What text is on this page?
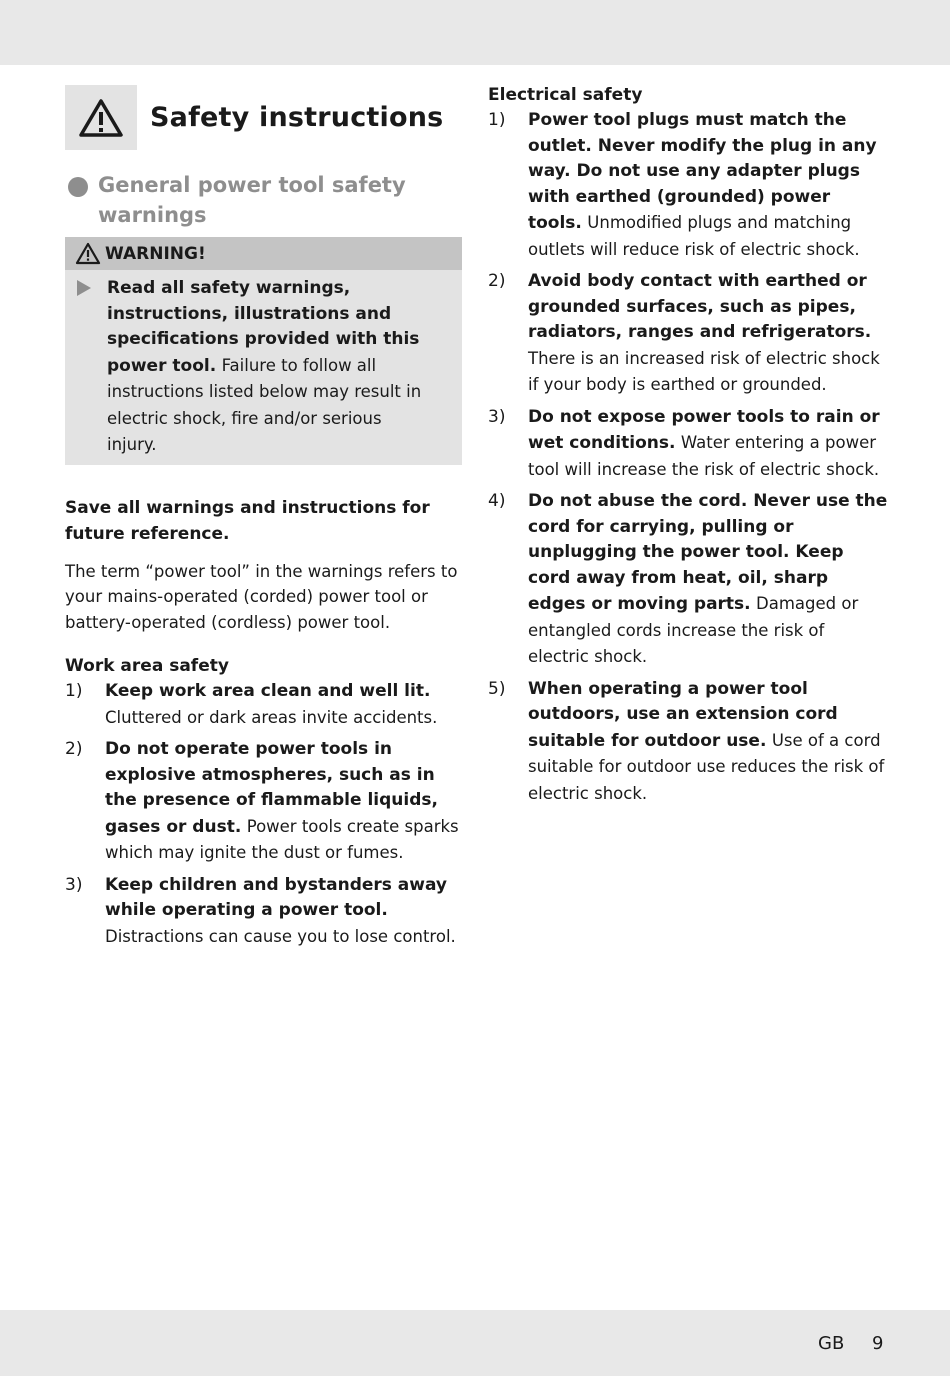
Safety instructions
General power tool safety warnings
WARNING!

Read all safety warnings, instructions, illustrations and specifications provided with this power tool. Failure to follow all instructions listed below may result in electric shock, fire and/or serious injury.

Save all warnings and instructions for future reference.

The term “power tool” in the warnings refers to your mains-operated (corded) power tool or battery-operated (cordless) power tool.

Work area safety
1)	Keep work area clean and well lit. Cluttered or dark areas invite accidents.

2)	Do not operate power tools in explosive atmospheres, such as in the presence of flammable liquids, gases or dust. Power tools create sparks which may ignite the dust or fumes.

3)	Keep children and bystanders away while operating a power tool. Distractions can cause you to lose control.

Electrical safety
1)	Power tool plugs must match the outlet. Never modify the plug in any way. Do not use any adapter plugs with earthed (grounded) power tools. Unmodified plugs and matching outlets will reduce risk of electric shock.

2)	Avoid body contact with earthed or grounded surfaces, such as pipes, radiators, ranges and refrigerators. There is an increased risk of electric shock if your body is earthed or grounded.

3)	Do not expose power tools to rain or wet conditions. Water entering a power tool will increase the risk of electric shock.

4)	Do not abuse the cord. Never use the cord for carrying, pulling or unplugging the power tool. Keep cord away from heat, oil, sharp edges or moving parts. Damaged or entangled cords increase the risk of electric shock.

5)	When operating a power tool outdoors, use an extension cord suitable for outdoor use. Use of a cord suitable for outdoor use reduces the risk of electric shock.

GB 9
